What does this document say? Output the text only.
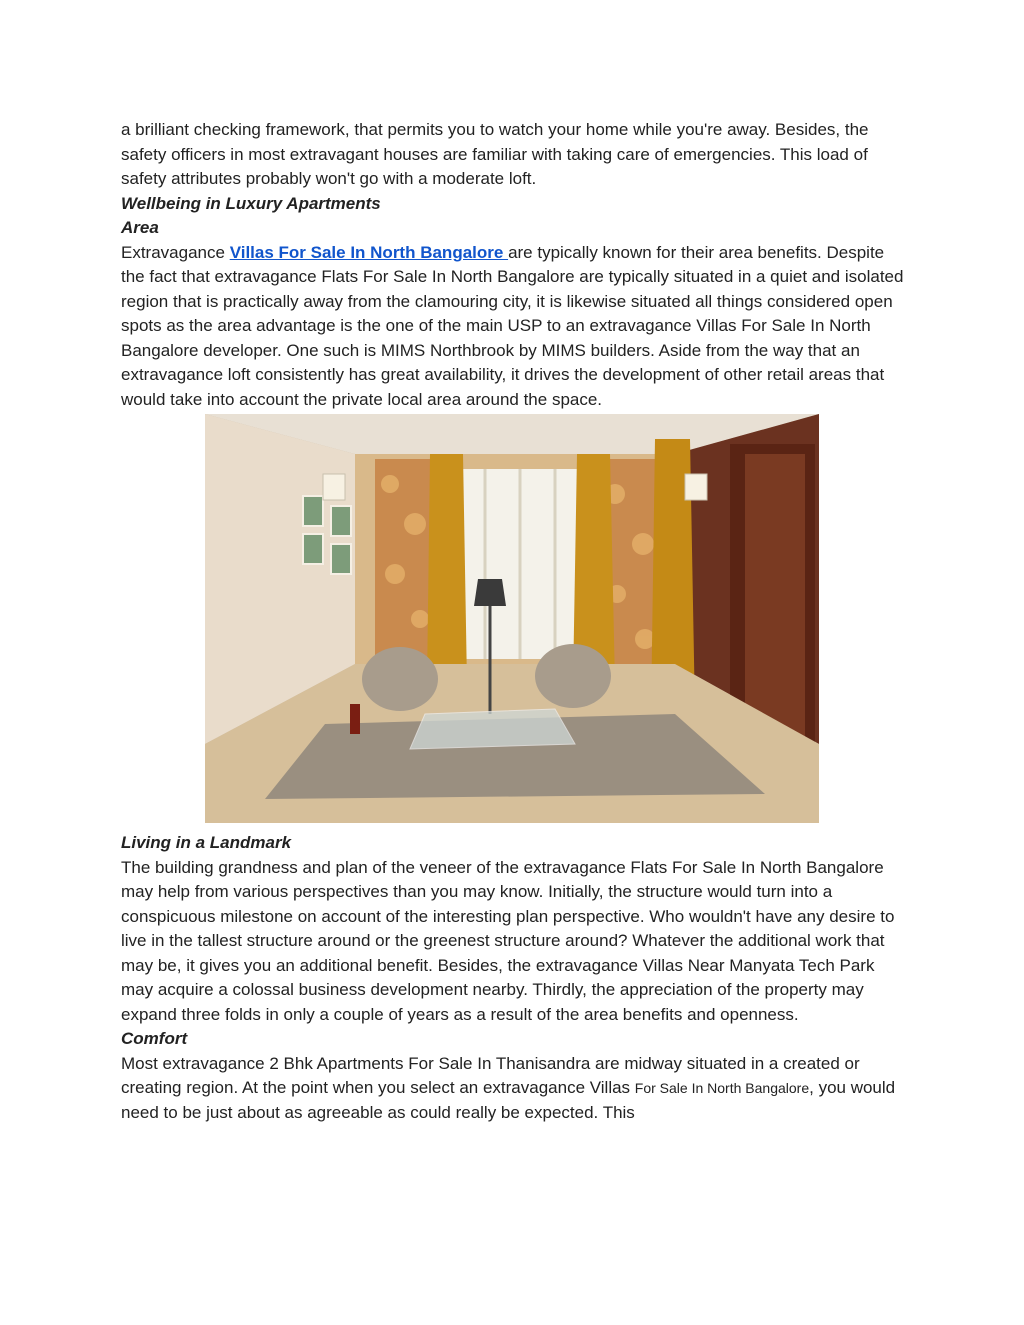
a brilliant checking framework, that permits you to watch your home while you're away. Besides, the safety officers in most extravagant houses are familiar with taking care of emergencies. This load of safety attributes probably won't go with a moderate loft.

Wellbeing in Luxury Apartments

Area

Extravagance Villas For Sale In North Bangalore are typically known for their area benefits. Despite the fact that extravagance Flats For Sale In North Bangalore are typically situated in a quiet and isolated region that is practically away from the clamouring city, it is likewise situated all things considered open spots as the area advantage is the one of the main USP to an extravagance Villas For Sale In North Bangalore developer. One such is MIMS Northbrook by MIMS builders. Aside from the way that an extravagance loft consistently has great availability, it drives the development of other retail areas that would take into account the private local area around the space.

Living in a Landmark

The building grandness and plan of the veneer of the extravagance Flats For Sale In North Bangalore may help from various perspectives than you may know. Initially, the structure would turn into a conspicuous milestone on account of the interesting plan perspective. Who wouldn't have any desire to live in the tallest structure around or the greenest structure around? Whatever the additional work that may be, it gives you an additional benefit. Besides, the extravagance Villas Near Manyata Tech Park may acquire a colossal business development nearby. Thirdly, the appreciation of the property may expand three folds in only a couple of years as a result of the area benefits and openness.

Comfort

Most extravagance 2 Bhk Apartments For Sale In Thanisandra are midway situated in a created or creating region. At the point when you select an extravagance Villas For Sale In North Bangalore, you would need to be just about as agreeable as could really be expected. This
